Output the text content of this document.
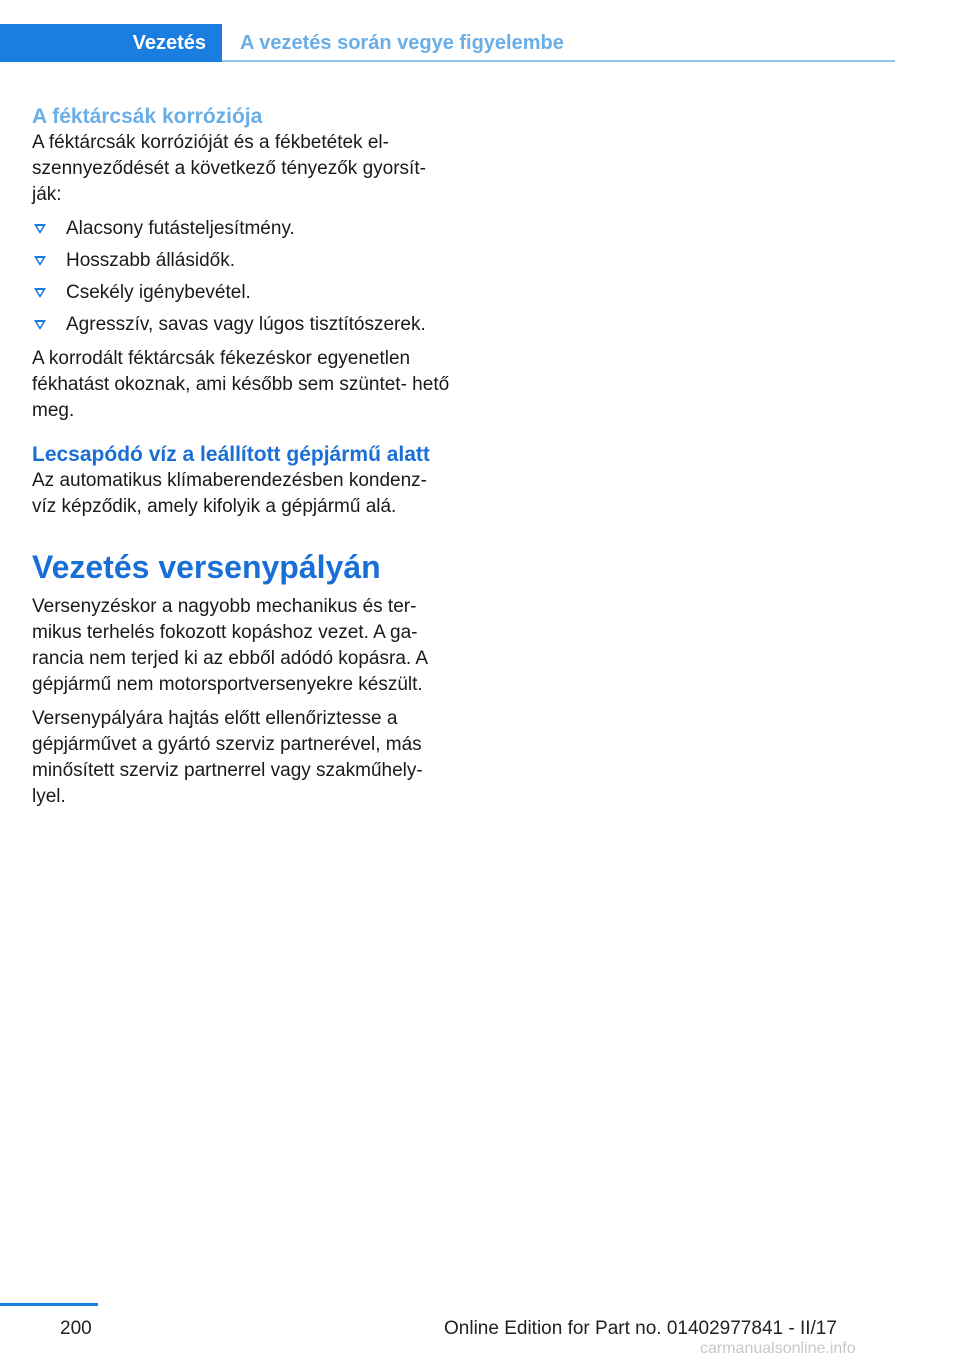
Vezetés	A vezetés során vegye figyelembe
A féktárcsák korróziója

A féktárcsák korrózióját és a fékbetétek el- szennyeződését a következő tényezők gyorsít- ják:

Alacsony futásteljesítmény.
Hosszabb állásidők.
Csekély igénybevétel.
Agresszív, savas vagy lúgos tisztítószerek.

A korrodált féktárcsák fékezéskor egyenetlen fékhatást okoznak, ami később sem szüntet- hető meg.

Lecsapódó víz a leállított gépjármű alatt

Az automatikus klímaberendezésben kondenz- víz képződik, amely kifolyik a gépjármű alá.

Vezetés versenypályán

Versenyzéskor a nagyobb mechanikus és ter- mikus terhelés fokozott kopáshoz vezet. A ga- rancia nem terjed ki az ebből adódó kopásra. A gépjármű nem motorsportversenyekre készült.

Versenypályára hajtás előtt ellenőriztesse a gépjárművet a gyártó szerviz partnerével, más minősített szerviz partnerrel vagy szakműhely- lyel.

200	Online Edition for Part no. 01402977841 - II/17
carmanualsonline.info
